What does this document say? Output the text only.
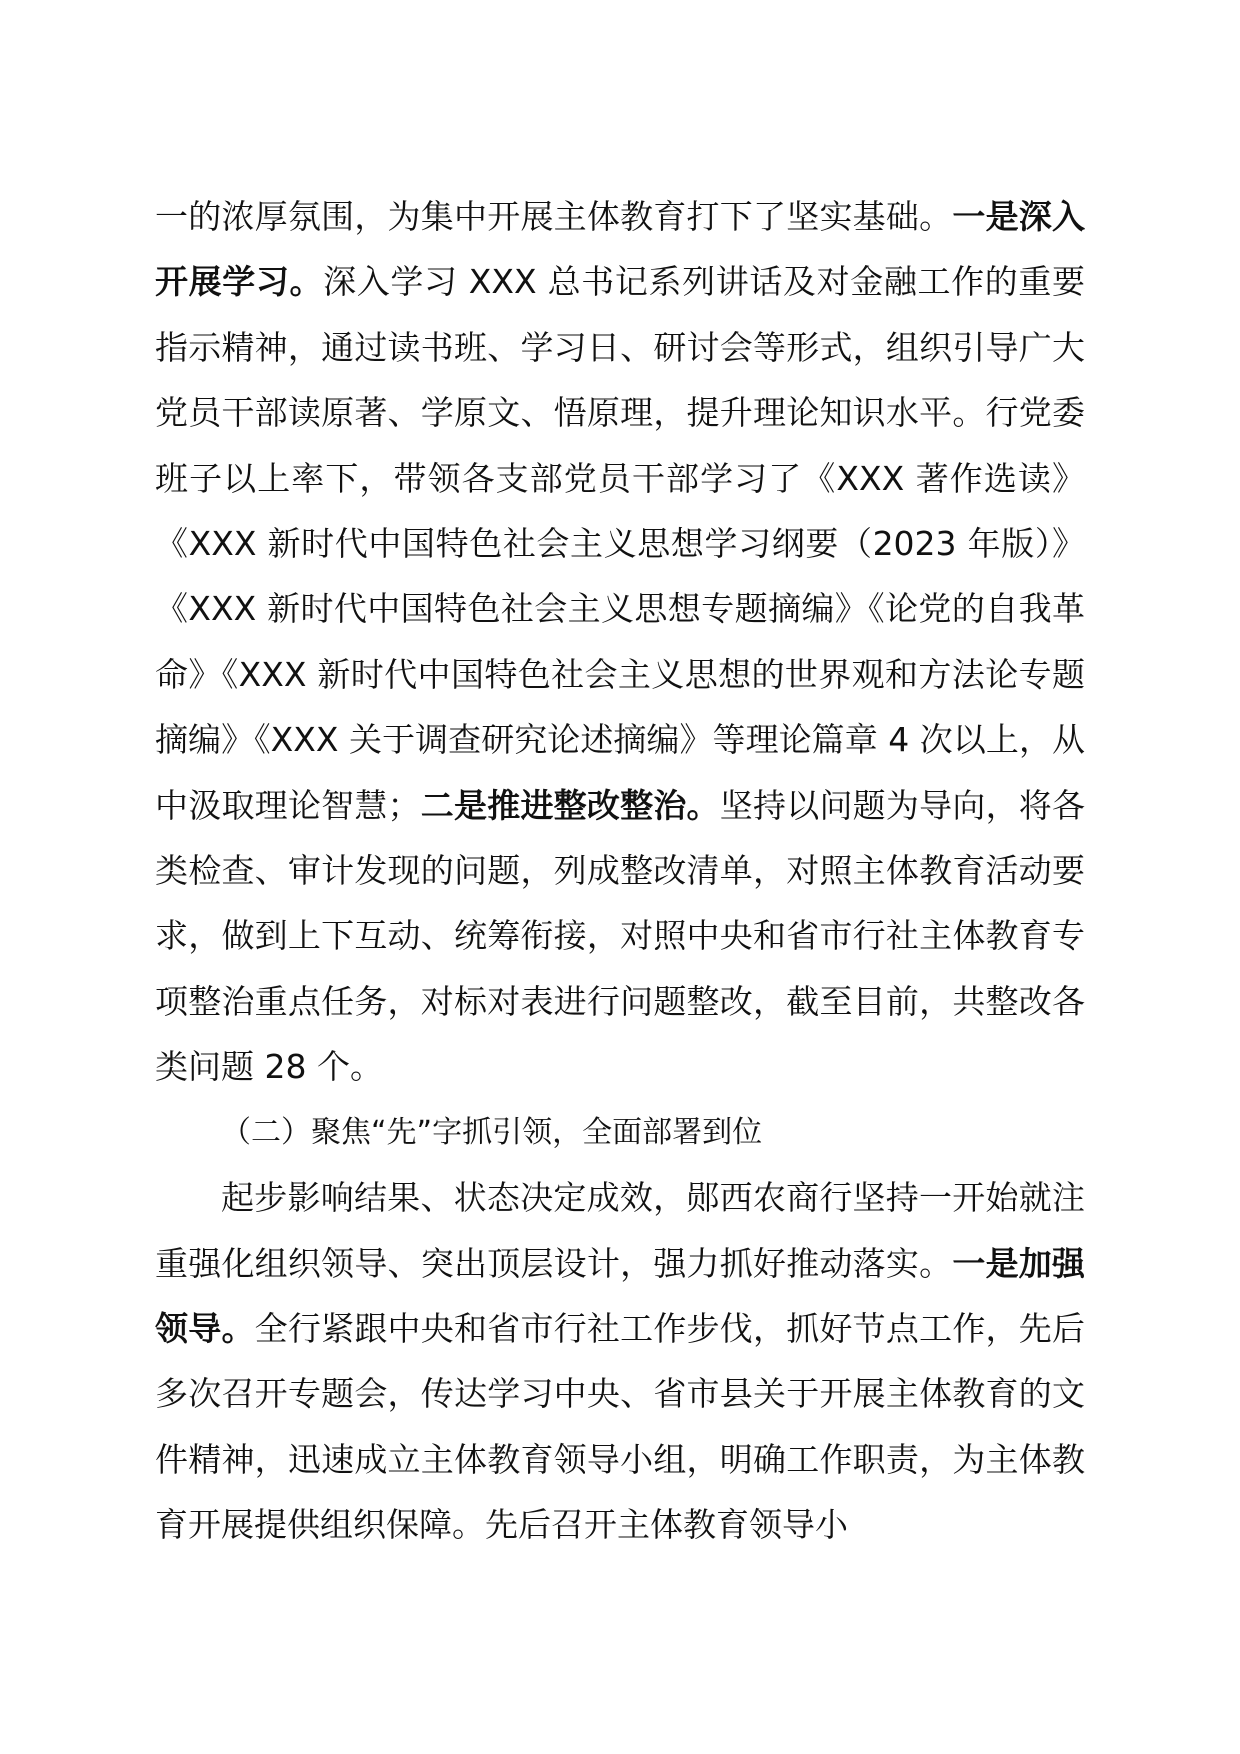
一的浓厚氛围，为集中开展主体教育打下了坚实基础。一是深入开展学习。深入学习 XXX 总书记系列讲话及对金融工作的重要指示精神，通过读书班、学习日、研讨会等形式，组织引导广大党员干部读原著、学原文、悟原理，提升理论知识水平。行党委班子以上率下，带领各支部党员干部学习了《XXX 著作选读》《XXX 新时代中国特色社会主义思想学习纲要（2023 年版）》《XXX 新时代中国特色社会主义思想专题摘编》《论党的自我革命》《XXX 新时代中国特色社会主义思想的世界观和方法论专题摘编》《XXX 关于调查研究论述摘编》等理论篇章 4 次以上，从中汲取理论智慧；二是推进整改整治。坚持以问题为导向，将各类检查、审计发现的问题，列成整改清单，对照主体教育活动要求，做到上下互动、统筹衔接，对照中央和省市行社主体教育专项整治重点任务，对标对表进行问题整改，截至目前，共整改各类问题 28 个。

（二）聚焦“先”字抓引领，全面部署到位

起步影响结果、状态决定成效，郧西农商行坚持一开始就注重强化组织领导、突出顶层设计，强力抓好推动落实。一是加强领导。全行紧跟中央和省市行社工作步伐，抓好节点工作，先后多次召开专题会，传达学习中央、省市县关于开展主体教育的文件精神，迅速成立主体教育领导小组，明确工作职责，为主体教育开展提供组织保障。先后召开主体教育领导小
